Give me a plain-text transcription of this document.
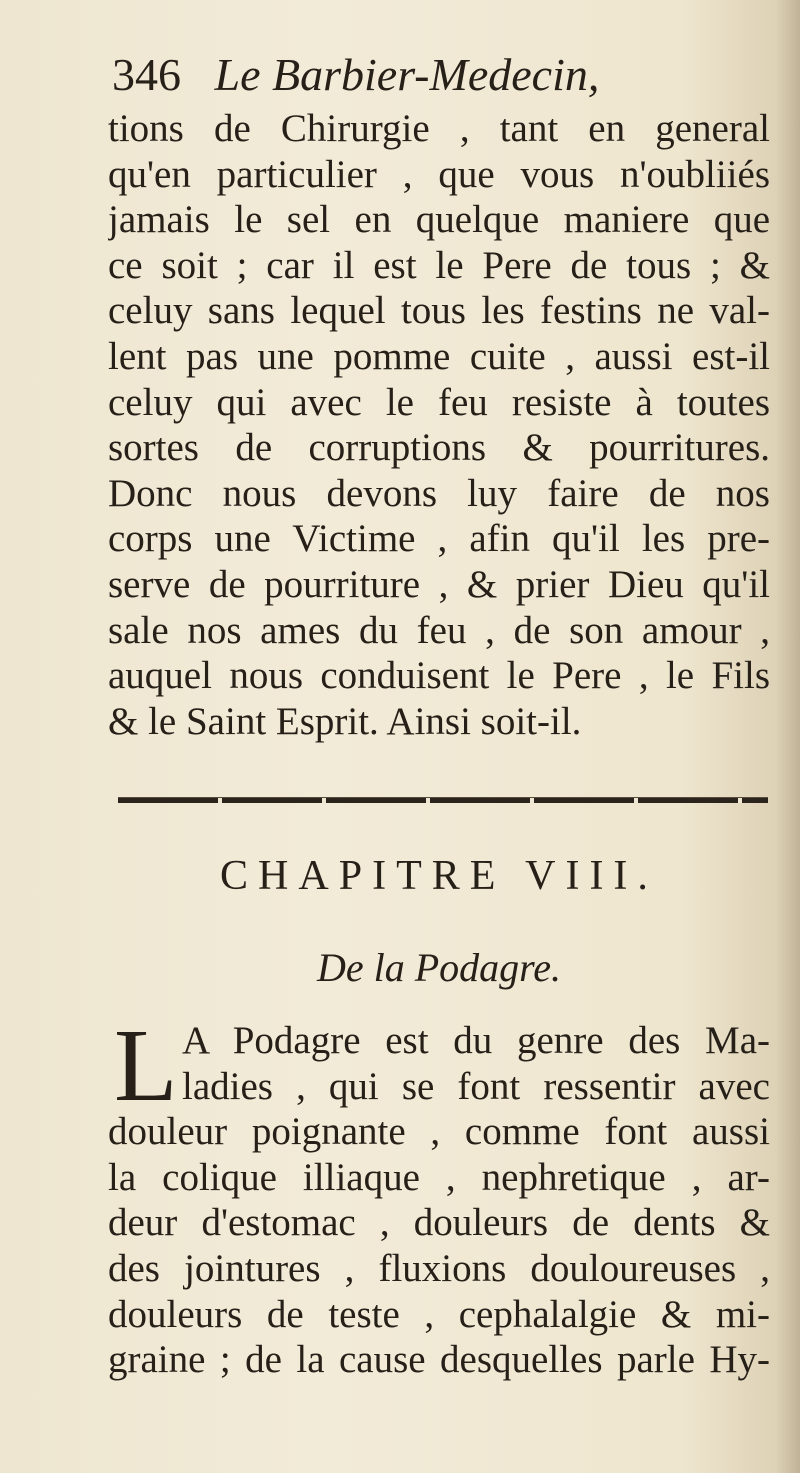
346 Le Barbier-Medecin,
tions de Chirurgie , tant en general
qu'en particulier , que vous n'oubliiés
jamais le sel en quelque maniere que
ce soit ; car il est le Pere de tous ; &
celuy sans lequel tous les festins ne val-
lent pas une pomme cuite , aussi est-il
celuy qui avec le feu resiste à toutes
sortes de corruptions & pourritures.
Donc nous devons luy faire de nos
corps une Victime , afin qu'il les pre-
serve de pourriture , & prier Dieu qu'il
sale nos ames du feu , de son amour ,
auquel nous conduisent le Pere , le Fils
& le Saint Esprit. Ainsi soit-il.
CHAPITRE VIII.
De la Podagre.
L A Podagre est du genre des Ma-
ladies , qui se font ressentir avec
douleur poignante , comme font aussi
la colique illiaque , nephretique , ar-
deur d'estomac , douleurs de dents &
des jointures , fluxions douloureuses ,
douleurs de teste , cephalalgie & mi-
graine ; de la cause desquelles parle Hy-
